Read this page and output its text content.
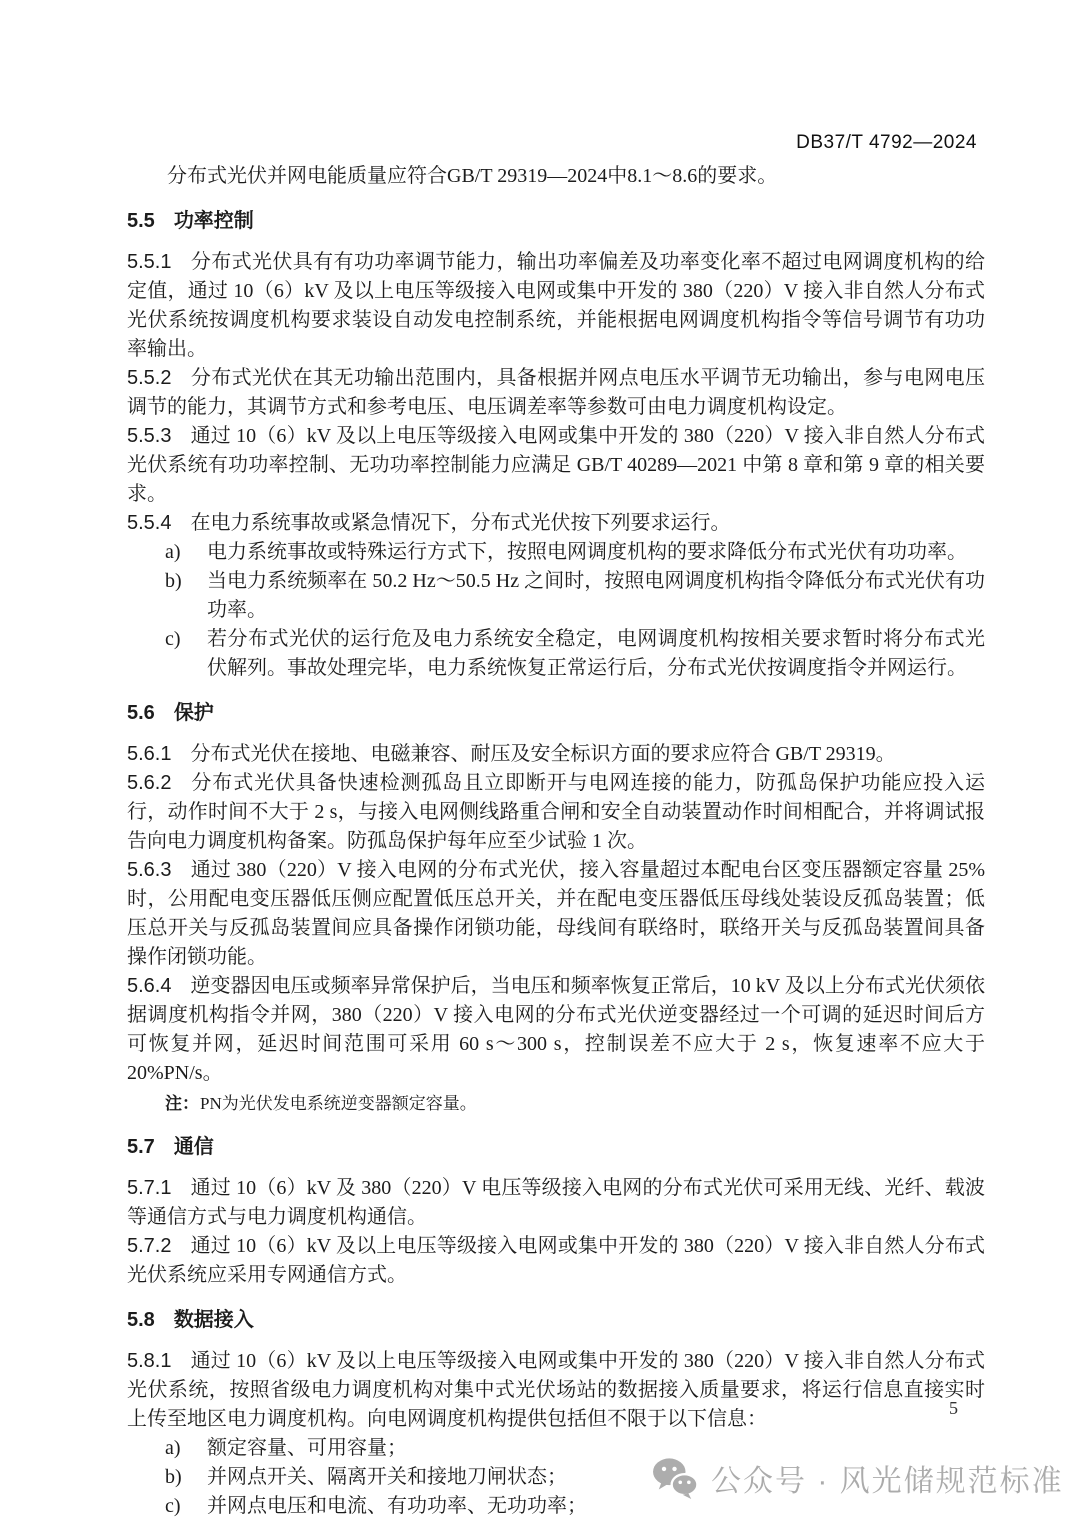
DB37/T 4792—2024

分布式光伏并网电能质量应符合GB/T 29319—2024中8.1～8.6的要求。

5.5 功率控制

5.5.1 分布式光伏具有有功功率调节能力，输出功率偏差及功率变化率不超过电网调度机构的给定值，通过 10（6）kV 及以上电压等级接入电网或集中开发的 380（220）V 接入非自然人分布式光伏系统按调度机构要求装设自动发电控制系统，并能根据电网调度机构指令等信号调节有功功率输出。

5.5.2 分布式光伏在其无功输出范围内，具备根据并网点电压水平调节无功输出，参与电网电压调节的能力，其调节方式和参考电压、电压调差率等参数可由电力调度机构设定。

5.5.3 通过 10（6）kV 及以上电压等级接入电网或集中开发的 380（220）V 接入非自然人分布式光伏系统有功功率控制、无功功率控制能力应满足 GB/T 40289—2021 中第 8 章和第 9 章的相关要求。

5.5.4 在电力系统事故或紧急情况下，分布式光伏按下列要求运行。

a) 电力系统事故或特殊运行方式下，按照电网调度机构的要求降低分布式光伏有功功率。

b) 当电力系统频率在 50.2 Hz～50.5 Hz 之间时，按照电网调度机构指令降低分布式光伏有功功率。

c) 若分布式光伏的运行危及电力系统安全稳定，电网调度机构按相关要求暂时将分布式光伏解列。事故处理完毕，电力系统恢复正常运行后，分布式光伏按调度指令并网运行。

5.6 保护

5.6.1 分布式光伏在接地、电磁兼容、耐压及安全标识方面的要求应符合 GB/T 29319。

5.6.2 分布式光伏具备快速检测孤岛且立即断开与电网连接的能力，防孤岛保护功能应投入运行，动作时间不大于 2 s，与接入电网侧线路重合闸和安全自动装置动作时间相配合，并将调试报告向电力调度机构备案。防孤岛保护每年应至少试验 1 次。

5.6.3 通过 380（220）V 接入电网的分布式光伏，接入容量超过本配电台区变压器额定容量 25%时，公用配电变压器低压侧应配置低压总开关，并在配电变压器低压母线处装设反孤岛装置；低压总开关与反孤岛装置间应具备操作闭锁功能，母线间有联络时，联络开关与反孤岛装置间具备操作闭锁功能。

5.6.4 逆变器因电压或频率异常保护后，当电压和频率恢复正常后，10 kV 及以上分布式光伏须依据调度机构指令并网，380（220）V 接入电网的分布式光伏逆变器经过一个可调的延迟时间后方可恢复并网，延迟时间范围可采用 60 s～300 s，控制误差不应大于 2 s，恢复速率不应大于 20%PN/s。

注：PN为光伏发电系统逆变器额定容量。

5.7 通信

5.7.1 通过 10（6）kV 及 380（220）V 电压等级接入电网的分布式光伏可采用无线、光纤、载波等通信方式与电力调度机构通信。

5.7.2 通过 10（6）kV 及以上电压等级接入电网或集中开发的 380（220）V 接入非自然人分布式光伏系统应采用专网通信方式。

5.8 数据接入

5.8.1 通过 10（6）kV 及以上电压等级接入电网或集中开发的 380（220）V 接入非自然人分布式光伏系统，按照省级电力调度机构对集中式光伏场站的数据接入质量要求，将运行信息直接实时上传至地区电力调度机构。向电网调度机构提供包括但不限于以下信息：

a) 额定容量、可用容量；

b) 并网点开关、隔离开关和接地刀闸状态；

c) 并网点电压和电流、有功功率、无功功率；

5
公众号 · 风光储规范标准
